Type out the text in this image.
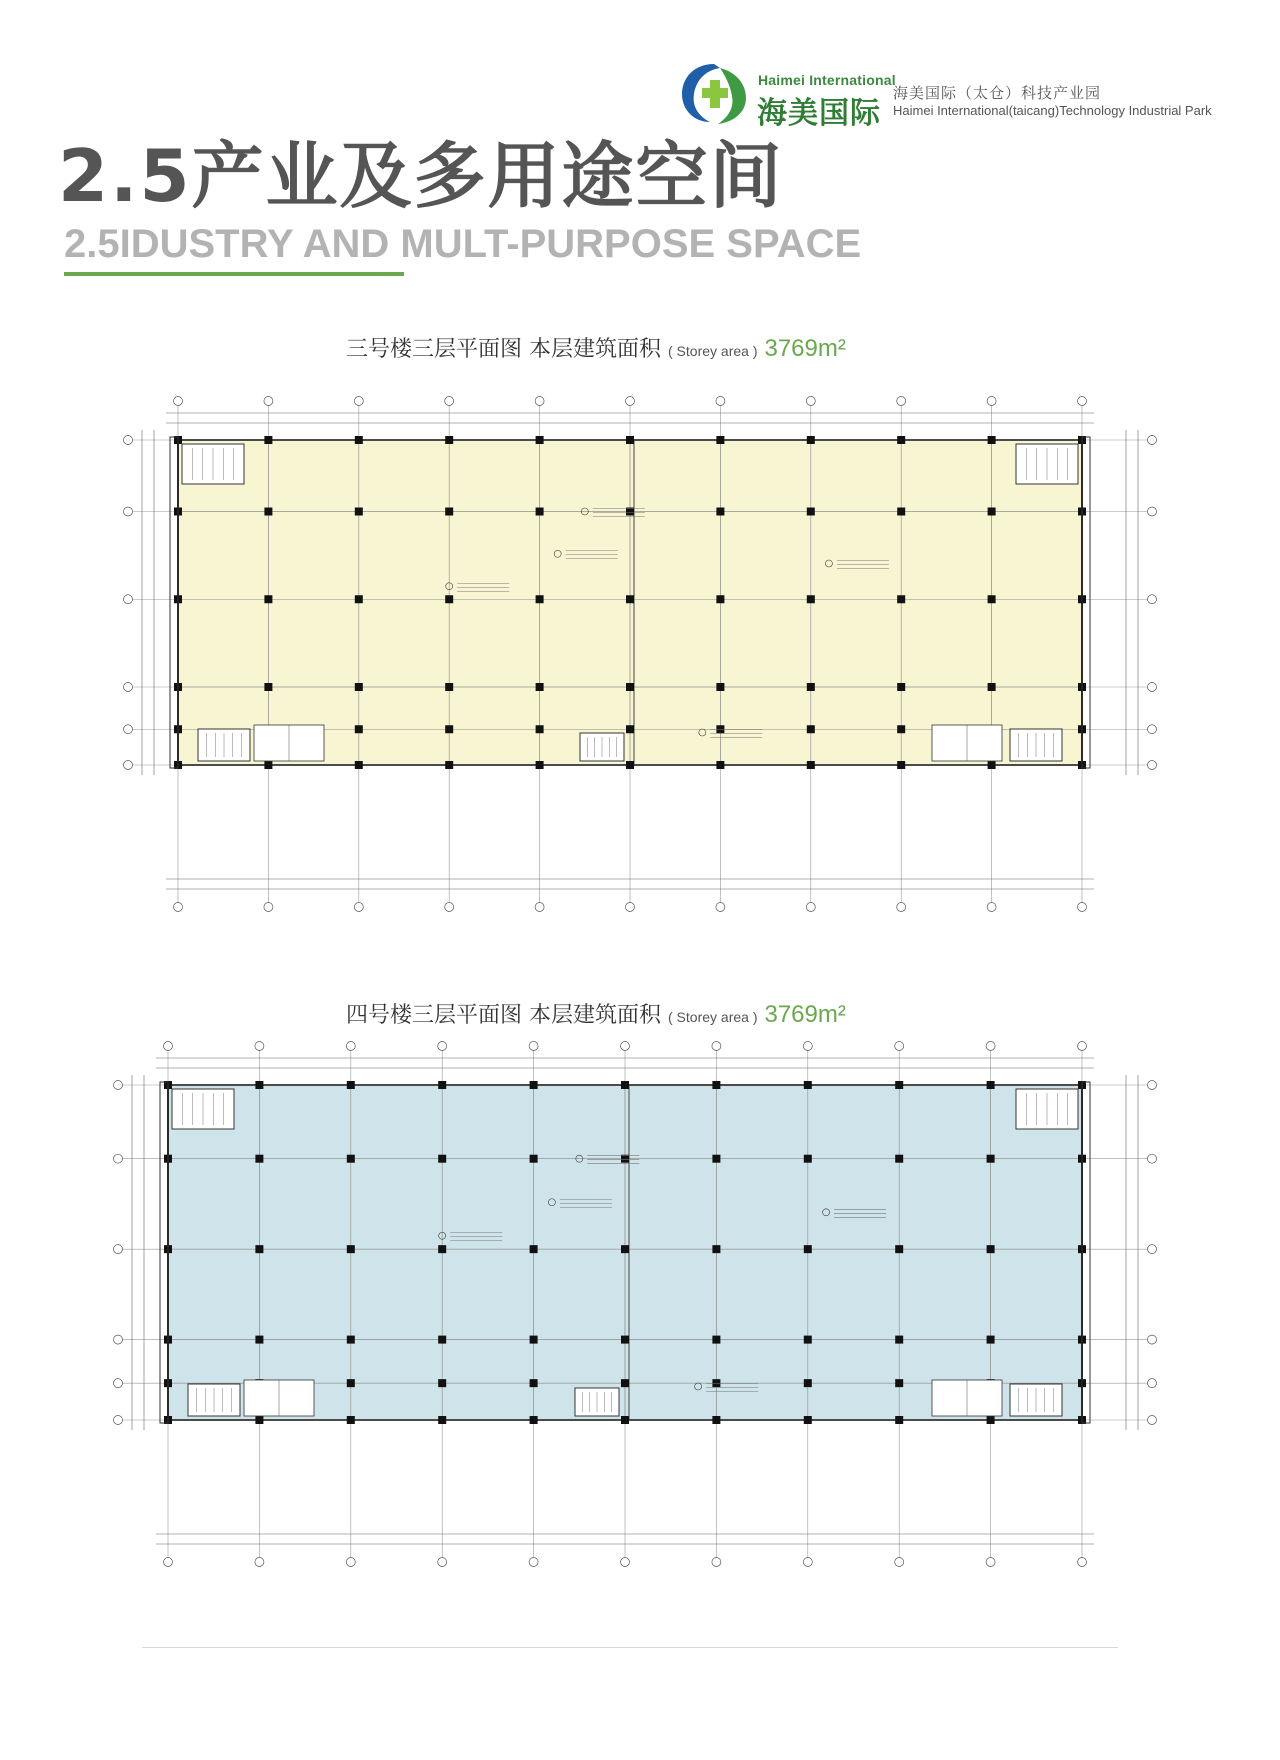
Haimei International
海美国际
海美国际（太仓）科技产业园
Haimei International(taicang)Technology Industrial Park
2.5产业及多用途空间
2.5IDUSTRY AND MULT-PURPOSE SPACE
三号楼三层平面图 本层建筑面积 ( Storey area ) 3769m²
四号楼三层平面图 本层建筑面积 ( Storey area ) 3769m²
